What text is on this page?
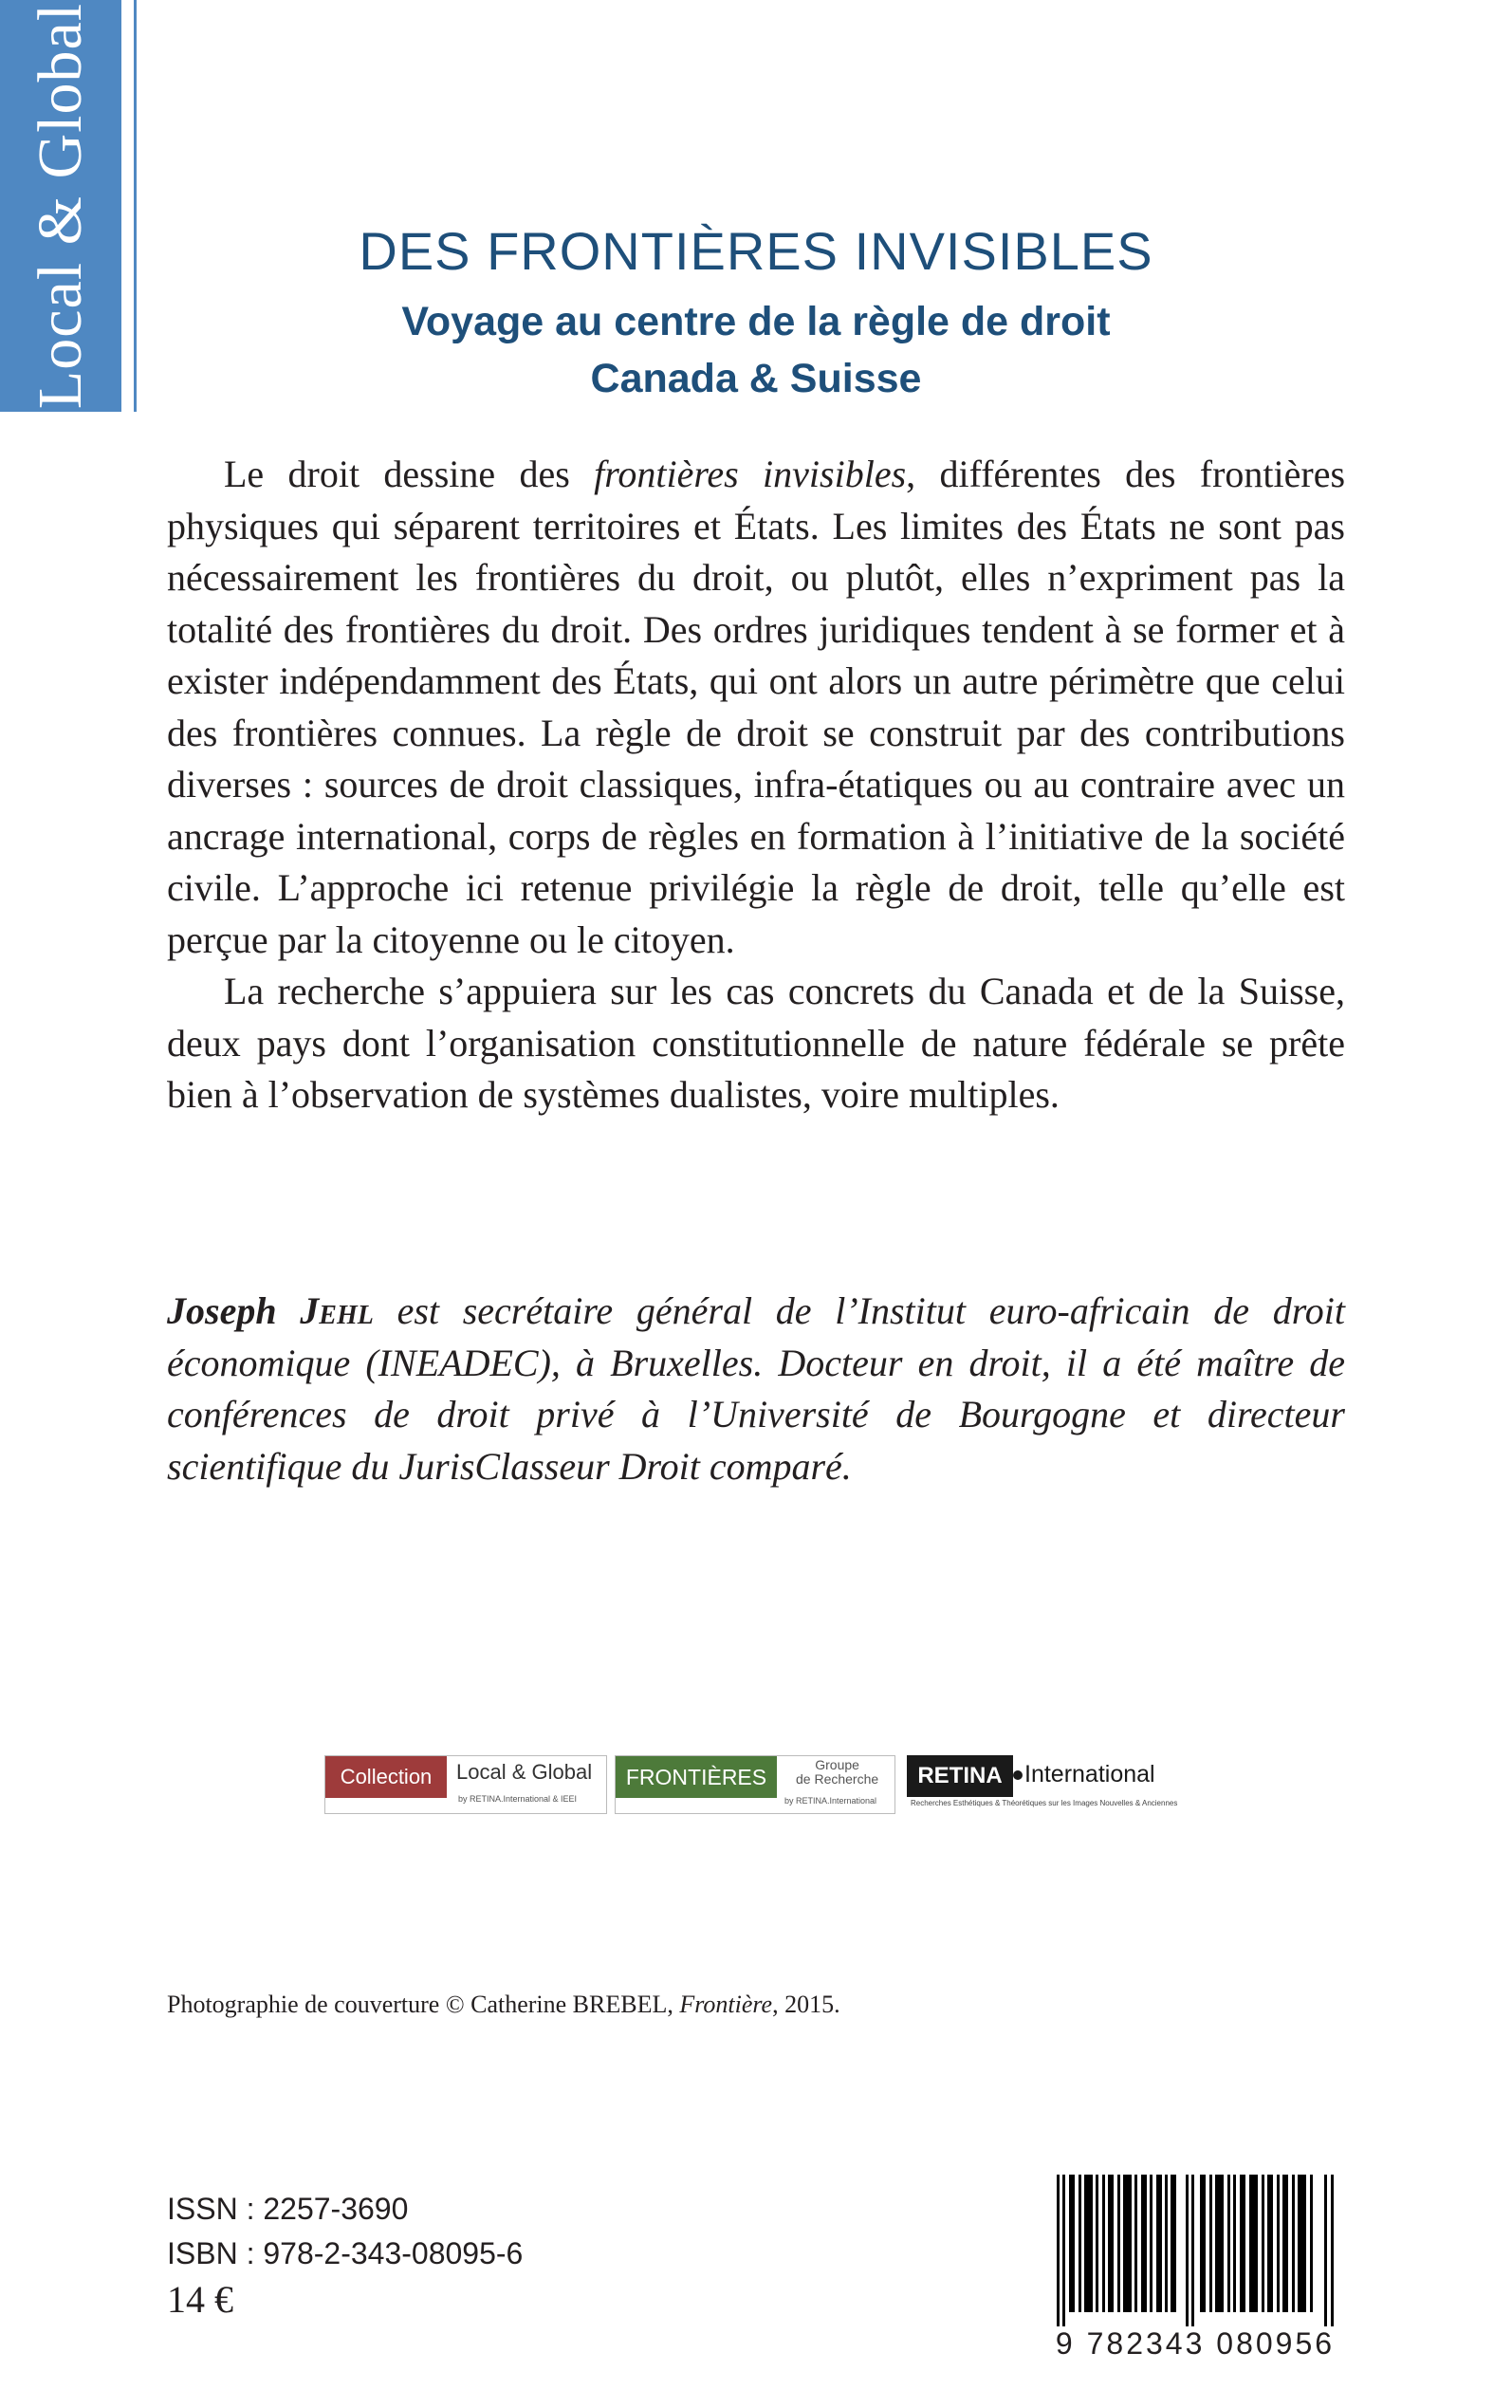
Local & Global	DES FRONTIÈRES INVISIBLES
Voyage au centre de la règle de droit
Canada & Suisse

Le droit dessine des frontières invisibles, différentes des frontières physiques qui séparent territoires et États. Les limites des États ne sont pas nécessairement les frontières du droit, ou plutôt, elles n’expriment pas la totalité des frontières du droit. Des ordres juridiques tendent à se former et à exister indépendamment des États, qui ont alors un autre périmètre que celui des frontières connues. La règle de droit se construit par des contributions diverses : sources de droit classiques, infra-étatiques ou au contraire avec un ancrage international, corps de règles en formation à l’initiative de la société civile. L’approche ici retenue privilégie la règle de droit, telle qu’elle est perçue par la citoyenne ou le citoyen.

La recherche s’appuiera sur les cas concrets du Canada et de la Suisse, deux pays dont l’organisation constitutionnelle de nature fédérale se prête bien à l’observation de systèmes dualistes, voire multiples.

Joseph Jehl est secrétaire général de l’Institut euro-africain de droit économique (INEADEC), à Bruxelles. Docteur en droit, il a été maître de conférences de droit privé à l’Université de Bourgogne et directeur scientifique du JurisClasseur Droit comparé.

Collection	Local & Global
by RETINA.International & IEEI
FRONTIÈRES	Groupe
de Recherche
by RETINA.International
RETINA International
Recherches Esthétiques & Théorétiques sur les Images Nouvelles & Anciennes
Photographie de couverture © Catherine BREBEL, Frontière, 2015.
ISSN : 2257-3690
ISBN : 978-2-343-08095-6
14 €
9 782343 080956
